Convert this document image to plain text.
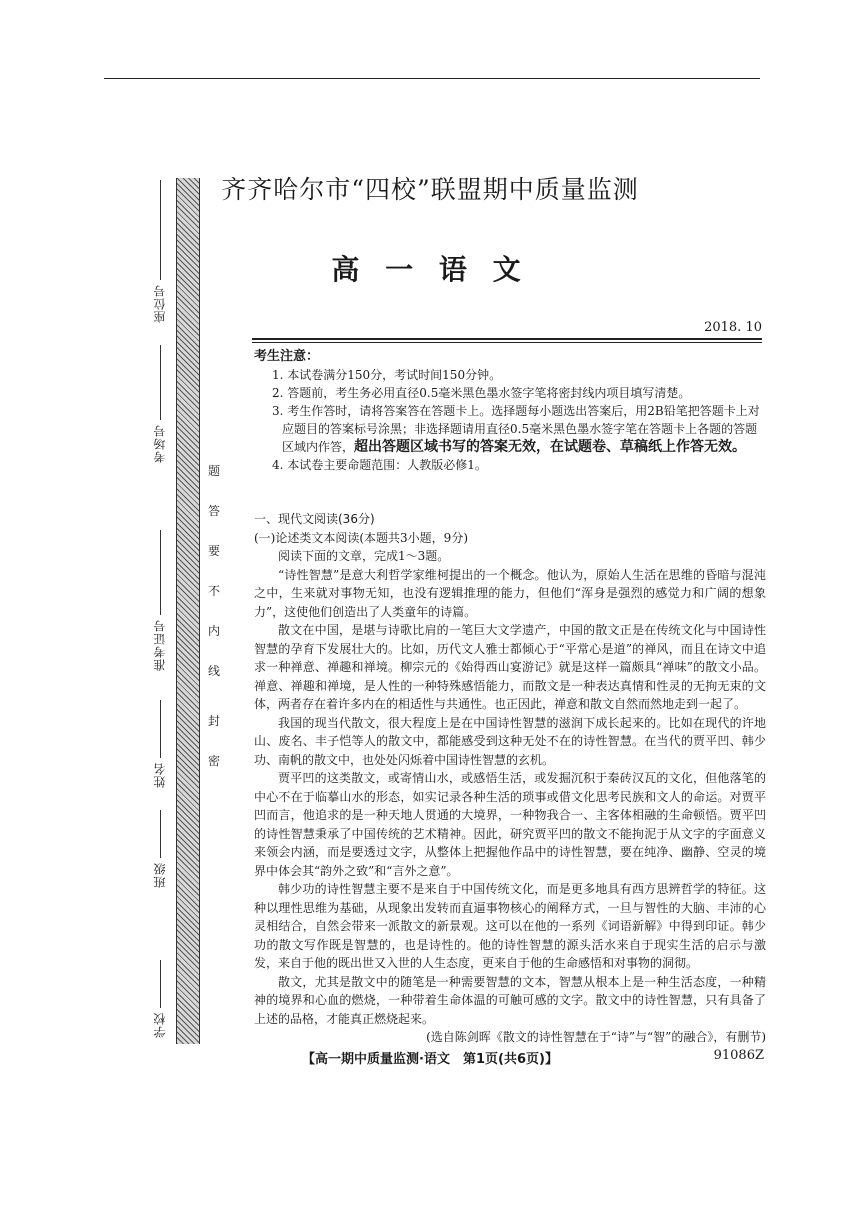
座位号
考场号
准考证号
姓名
班级
学校
题
答
要
不
内
线
封
密
齐齐哈尔市“四校”联盟期中质量监测
高 一 语 文
2018. 10
考生注意：
1. 本试卷满分150分，考试时间150分钟。
2. 答题前，考生务必用直径0.5毫米黑色墨水签字笔将密封线内项目填写清楚。
3. 考生作答时，请将答案答在答题卡上。选择题每小题选出答案后，用2B铅笔把答题卡上对应题目的答案标号涂黑；非选择题请用直径0.5毫米黑色墨水签字笔在答题卡上各题的答题区域内作答，超出答题区域书写的答案无效，在试题卷、草稿纸上作答无效。
4. 本试卷主要命题范围：人教版必修1。
一、现代文阅读(36分)
(一)论述类文本阅读(本题共3小题，9分)

阅读下面的文章，完成1～3题。

“诗性智慧”是意大利哲学家维柯提出的一个概念。他认为，原始人生活在思维的昏暗与混沌之中，生来就对事物无知，也没有逻辑推理的能力，但他们“浑身是强烈的感觉力和广阔的想象力”，这使他们创造出了人类童年的诗篇。

散文在中国，是堪与诗歌比肩的一笔巨大文学遗产，中国的散文正是在传统文化与中国诗性智慧的孕育下发展壮大的。比如，历代文人雅士都倾心于“平常心是道”的禅风，而且在诗文中追求一种禅意、禅趣和禅境。柳宗元的《始得西山宴游记》就是这样一篇颇具“禅味”的散文小品。禅意、禅趣和禅境，是人性的一种特殊感悟能力，而散文是一种表达真情和性灵的无拘无束的文体，两者存在着许多内在的相适性与共通性。也正因此，禅意和散文自然而然地走到一起了。

我国的现当代散文，很大程度上是在中国诗性智慧的滋润下成长起来的。比如在现代的许地山、废名、丰子恺等人的散文中，都能感受到这种无处不在的诗性智慧。在当代的贾平凹、韩少功、南帆的散文中，也处处闪烁着中国诗性智慧的玄机。

贾平凹的这类散文，或寄情山水，或感悟生活，或发掘沉积于秦砖汉瓦的文化，但他落笔的中心不在于临摹山水的形态，如实记录各种生活的琐事或借文化思考民族和文人的命运。对贾平凹而言，他追求的是一种天地人贯通的大境界，一种物我合一、主客体相融的生命顿悟。贾平凹的诗性智慧秉承了中国传统的艺术精神。因此，研究贾平凹的散文不能拘泥于从文字的字面意义来领会内涵，而是要透过文字，从整体上把握他作品中的诗性智慧，要在纯净、幽静、空灵的境界中体会其“韵外之致”和“言外之意”。

韩少功的诗性智慧主要不是来自于中国传统文化，而是更多地具有西方思辨哲学的特征。这种以理性思维为基础，从现象出发转而直逼事物核心的阐释方式，一旦与智性的大脑、丰沛的心灵相结合，自然会带来一派散文的新景观。这可以在他的一系列《词语新解》中得到印证。韩少功的散文写作既是智慧的，也是诗性的。他的诗性智慧的源头活水来自于现实生活的启示与激发，来自于他的既出世又入世的人生态度，更来自于他的生命感悟和对事物的洞彻。

散文，尤其是散文中的随笔是一种需要智慧的文本，智慧从根本上是一种生活态度，一种精神的境界和心血的燃烧，一种带着生命体温的可触可感的文字。散文中的诗性智慧，只有具备了上述的品格，才能真正燃烧起来。

(选自陈剑晖《散文的诗性智慧在于“诗”与“智”的融合》，有删节)

【高一期中质量监测·语文　第1页(共6页)】	91086Z
